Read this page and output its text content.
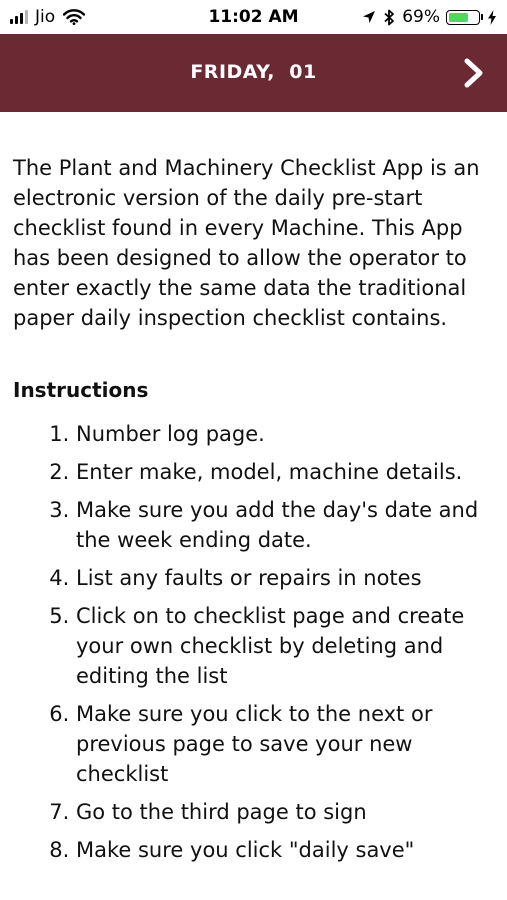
Jio	11:02 AM	69%
FRIDAY,  01

The Plant and Machinery Checklist App is an electronic version of the daily pre-start checklist found in every Machine. This App has been designed to allow the operator to enter exactly the same data the traditional paper daily inspection checklist contains.

Instructions
1. Number log page.
2. Enter make, model, machine details.
3. Make sure you add the day's date and the week ending date.
4. List any faults or repairs in notes
5. Click on to checklist page and create your own checklist by deleting and editing the list
6. Make sure you click to the next or previous page to save your new checklist
7. Go to the third page to sign
8. Make sure you click "daily save"
